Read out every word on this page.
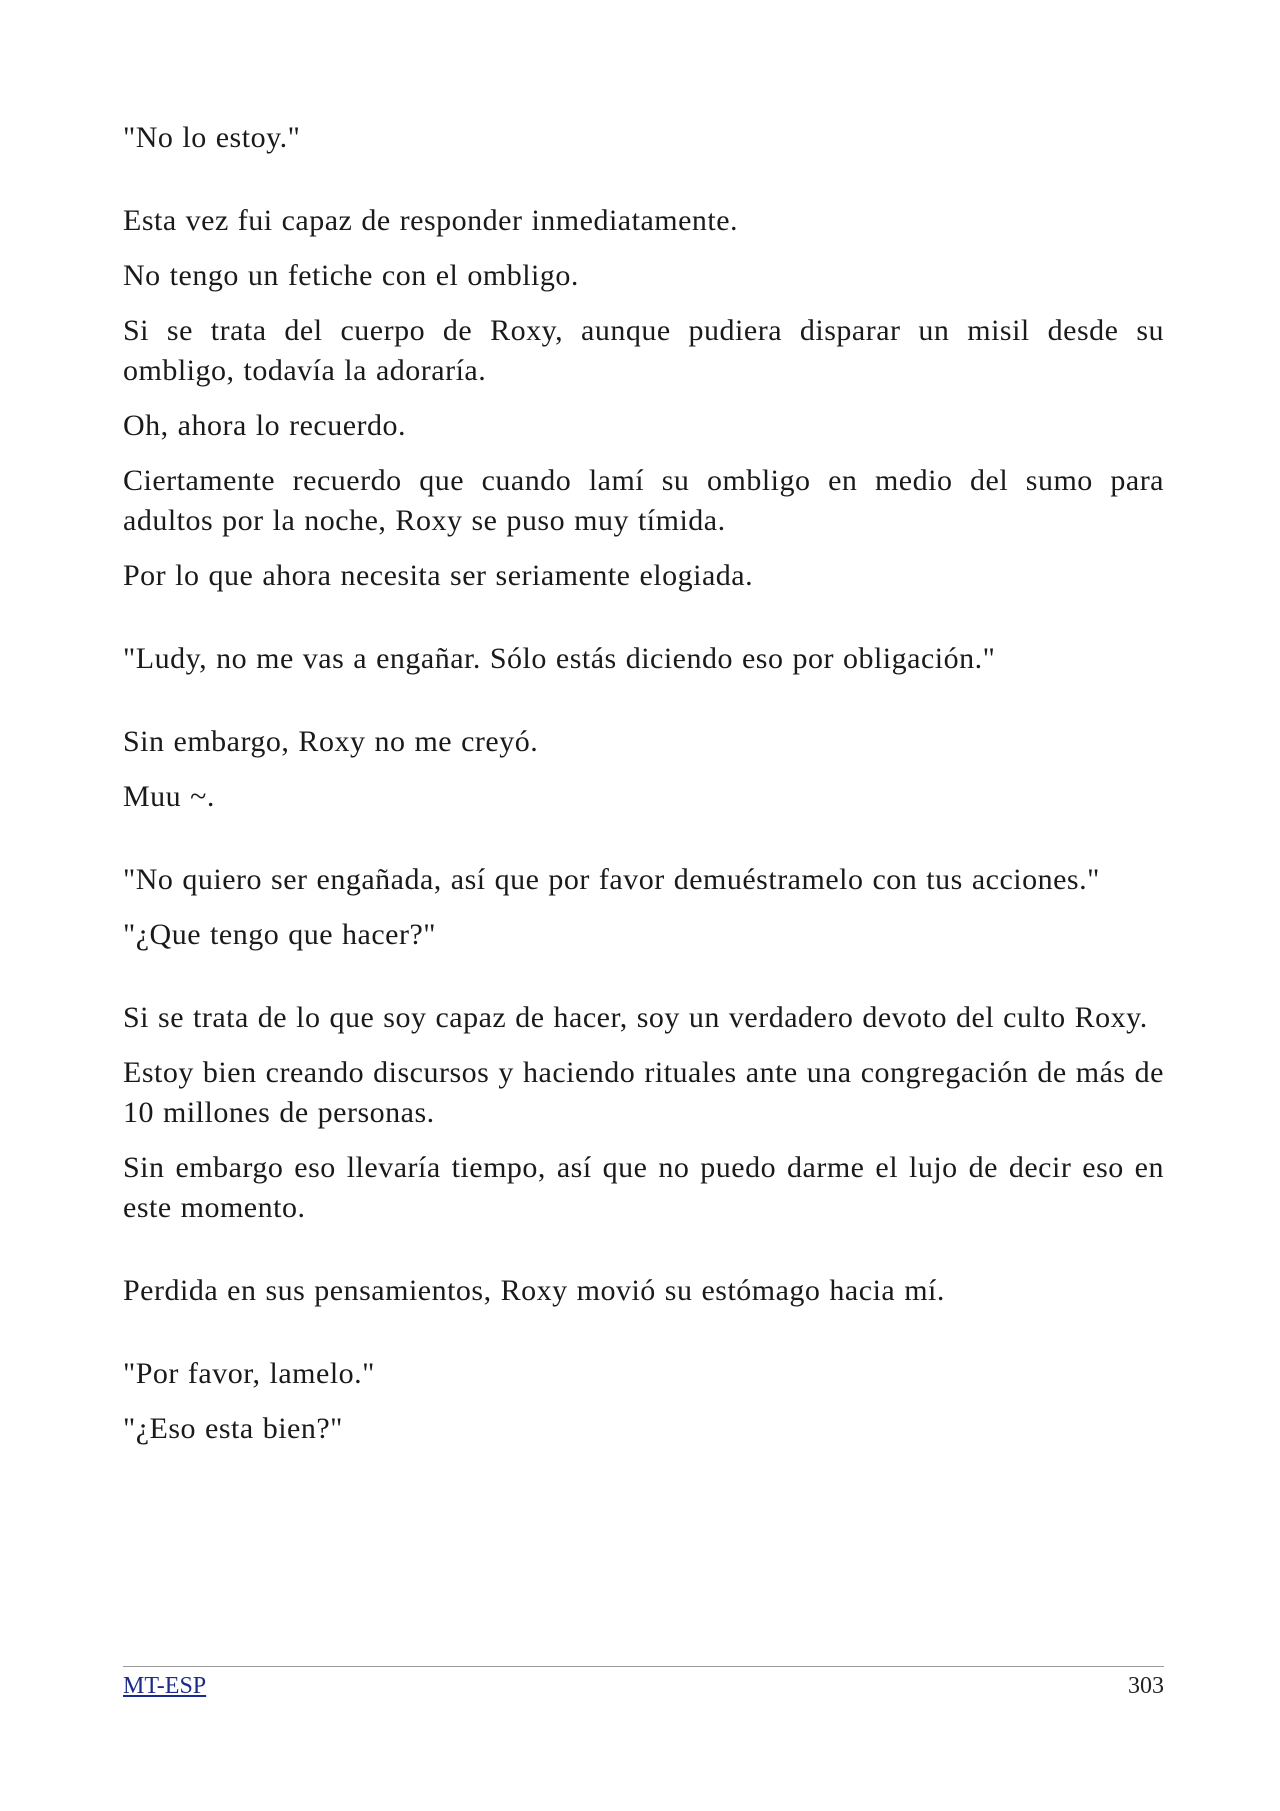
"No lo estoy."

Esta vez fui capaz de responder inmediatamente.

No tengo un fetiche con el ombligo.

Si se trata del cuerpo de Roxy, aunque pudiera disparar un misil desde su ombligo, todavía la adoraría.

Oh, ahora lo recuerdo.

Ciertamente recuerdo que cuando lamí su ombligo en medio del sumo para adultos por la noche, Roxy se puso muy tímida.

Por lo que ahora necesita ser seriamente elogiada.

"Ludy, no me vas a engañar. Sólo estás diciendo eso por obligación."

Sin embargo, Roxy no me creyó.

Muu ~.

"No quiero ser engañada, así que por favor demuéstramelo con tus acciones."

"¿Que tengo que hacer?"

Si se trata de lo que soy capaz de hacer, soy un verdadero devoto del culto Roxy.

Estoy bien creando discursos y haciendo rituales ante una congregación de más de 10 millones de personas.

Sin embargo eso llevaría tiempo, así que no puedo darme el lujo de decir eso en este momento.

Perdida en sus pensamientos, Roxy movió su estómago hacia mí.

"Por favor, lamelo."

"¿Eso esta bien?"

MT-ESP	303
